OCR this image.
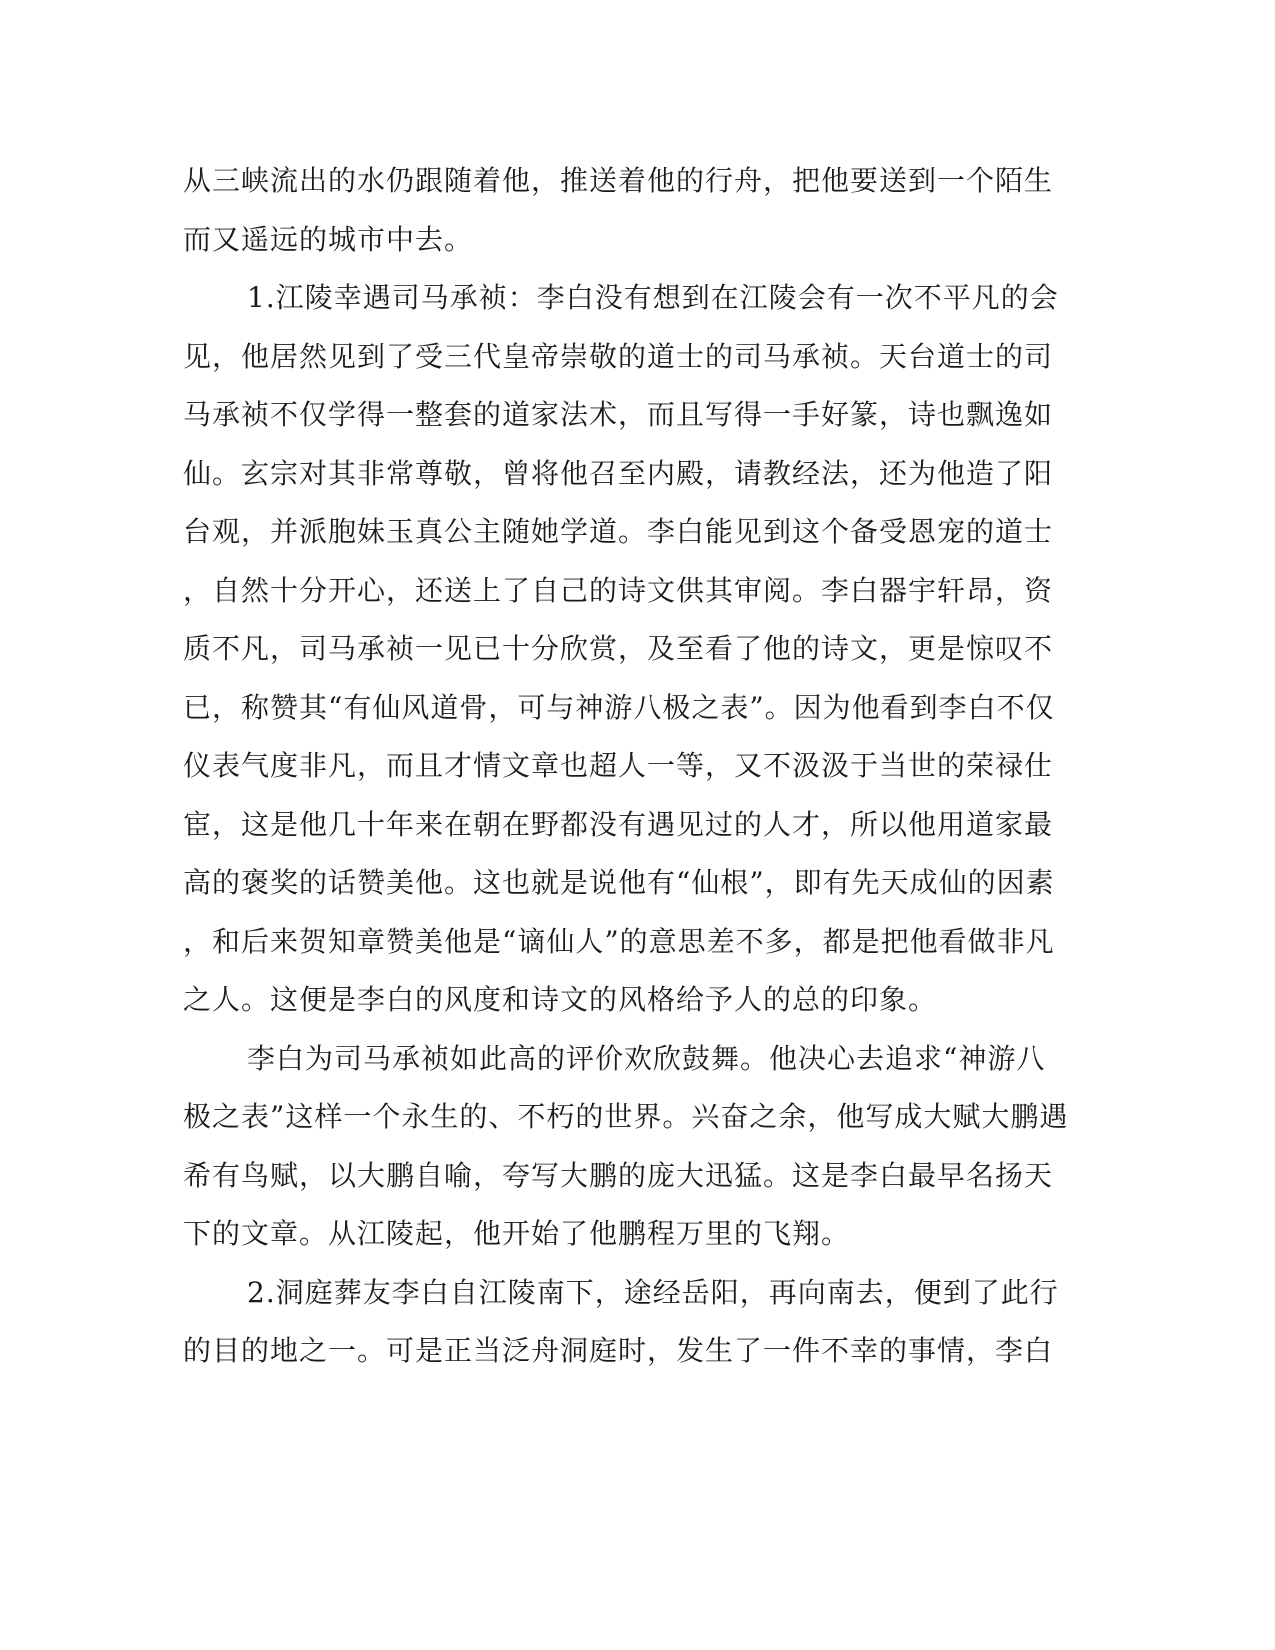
从三峡流出的水仍跟随着他，推送着他的行舟，把他要送到一个陌生
而又遥远的城市中去。
1.江陵幸遇司马承祯：李白没有想到在江陵会有一次不平凡的会
见，他居然见到了受三代皇帝崇敬的道士的司马承祯。天台道士的司
马承祯不仅学得一整套的道家法术，而且写得一手好篆，诗也飘逸如
仙。玄宗对其非常尊敬，曾将他召至内殿，请教经法，还为他造了阳
台观，并派胞妹玉真公主随她学道。李白能见到这个备受恩宠的道士
，自然十分开心，还送上了自己的诗文供其审阅。李白器宇轩昂，资
质不凡，司马承祯一见已十分欣赏，及至看了他的诗文，更是惊叹不
已，称赞其“有仙风道骨，可与神游八极之表”。因为他看到李白不仅
仪表气度非凡，而且才情文章也超人一等，又不汲汲于当世的荣禄仕
宦，这是他几十年来在朝在野都没有遇见过的人才，所以他用道家最
高的褒奖的话赞美他。这也就是说他有“仙根”，即有先天成仙的因素
，和后来贺知章赞美他是“谪仙人”的意思差不多，都是把他看做非凡
之人。这便是李白的风度和诗文的风格给予人的总的印象。
李白为司马承祯如此高的评价欢欣鼓舞。他决心去追求“神游八
极之表”这样一个永生的、不朽的世界。兴奋之余，他写成大赋大鹏遇
希有鸟赋，以大鹏自喻，夸写大鹏的庞大迅猛。这是李白最早名扬天
下的文章。从江陵起，他开始了他鹏程万里的飞翔。
2.洞庭葬友李白自江陵南下，途经岳阳，再向南去，便到了此行
的目的地之一。可是正当泛舟洞庭时，发生了一件不幸的事情，李白
